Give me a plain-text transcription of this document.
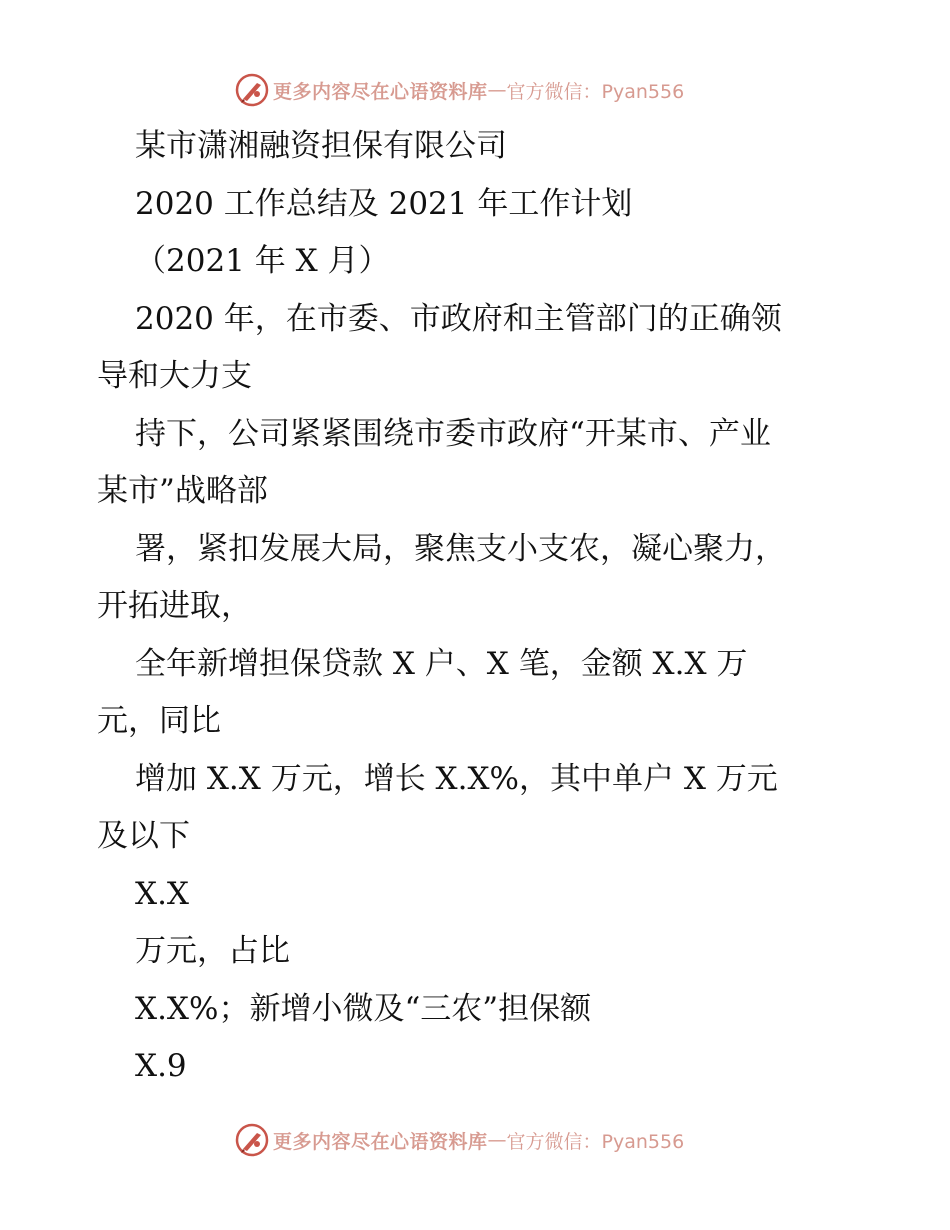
更多内容尽在心语资料库 — 官方微信：Pyan556
某市潇湘融资担保有限公司
2020 工作总结及 2021 年工作计划
（2021 年 X 月）
2020 年，在市委、市政府和主管部门的正确领
导和大力支
持下，公司紧紧围绕市委市政府“开某市、产业
某市”战略部
署，紧扣发展大局，聚焦支小支农，凝心聚力，
开拓进取，
全年新增担保贷款 X 户、X 笔，金额 X.X 万
元，同比
增加 X.X 万元，增长 X.X%，其中单户 X 万元
及以下
X.X
万元，占比
X.X%；新增小微及“三农”担保额
X.9
更多内容尽在心语资料库 — 官方微信：Pyan556
